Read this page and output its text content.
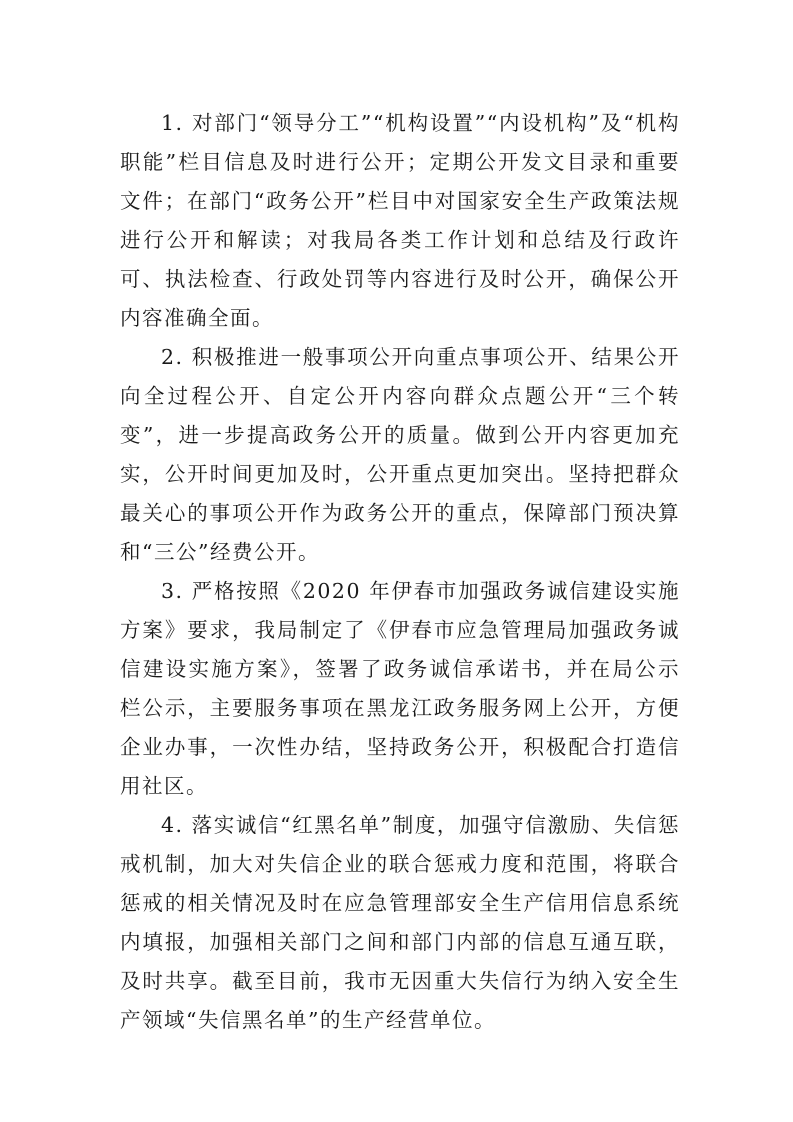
1. 对部门“领导分工”“机构设置”“内设机构”及“机构职能”栏目信息及时进行公开；定期公开发文目录和重要文件；在部门“政务公开”栏目中对国家安全生产政策法规进行公开和解读；对我局各类工作计划和总结及行政许可、执法检查、行政处罚等内容进行及时公开，确保公开内容准确全面。

2. 积极推进一般事项公开向重点事项公开、结果公开向全过程公开、自定公开内容向群众点题公开“三个转变”，进一步提高政务公开的质量。做到公开内容更加充实，公开时间更加及时，公开重点更加突出。坚持把群众最关心的事项公开作为政务公开的重点，保障部门预决算和“三公”经费公开。

3. 严格按照《2020 年伊春市加强政务诚信建设实施方案》要求，我局制定了《伊春市应急管理局加强政务诚信建设实施方案》，签署了政务诚信承诺书，并在局公示栏公示，主要服务事项在黑龙江政务服务网上公开，方便企业办事，一次性办结，坚持政务公开，积极配合打造信用社区。

4. 落实诚信“红黑名单”制度，加强守信激励、失信惩戒机制，加大对失信企业的联合惩戒力度和范围，将联合惩戒的相关情况及时在应急管理部安全生产信用信息系统内填报，加强相关部门之间和部门内部的信息互通互联，及时共享。截至目前，我市无因重大失信行为纳入安全生产领域“失信黑名单”的生产经营单位。
